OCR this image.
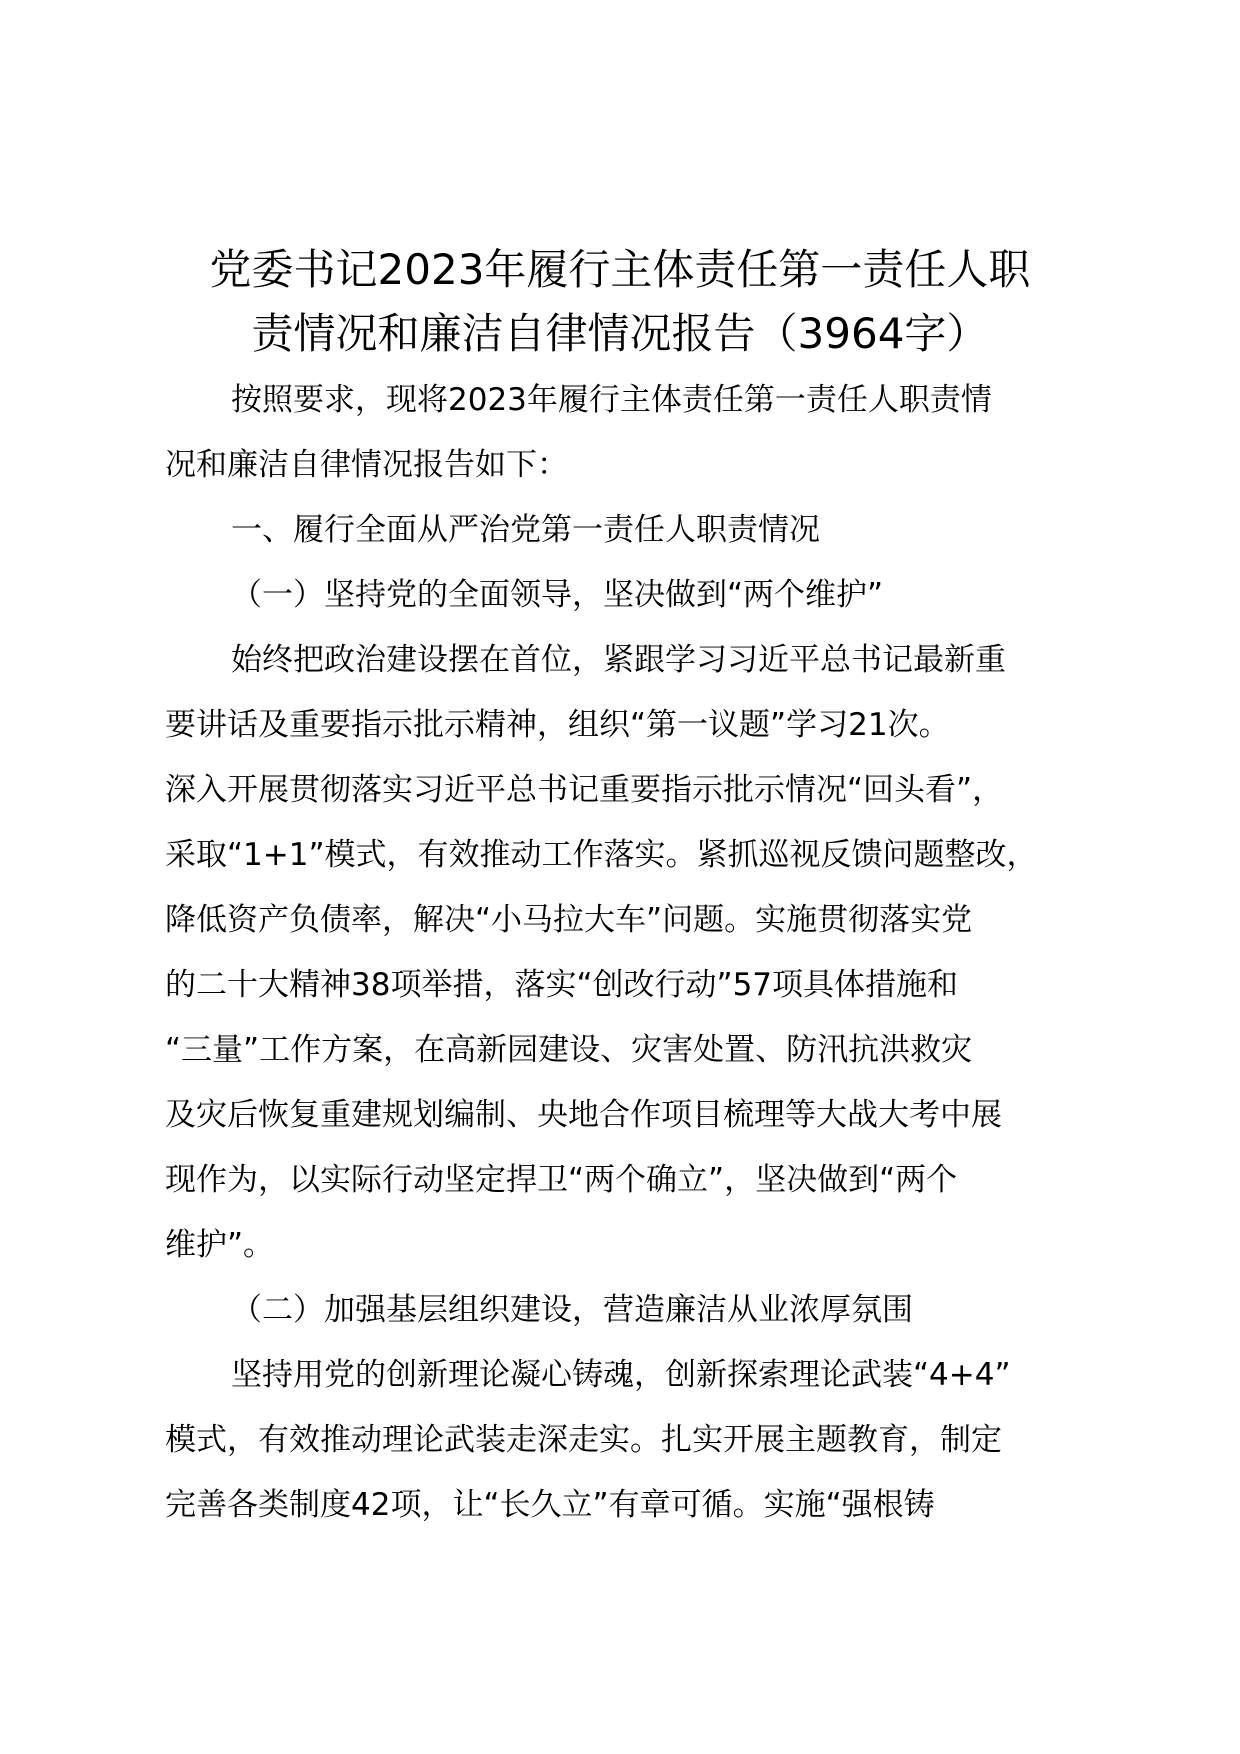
党委书记2023年履行主体责任第一责任人职
责情况和廉洁自律情况报告（3964字）
按照要求，现将2023年履行主体责任第一责任人职责情
况和廉洁自律情况报告如下：
一、履行全面从严治党第一责任人职责情况
（一）坚持党的全面领导，坚决做到“两个维护”
始终把政治建设摆在首位，紧跟学习习近平总书记最新重
要讲话及重要指示批示精神，组织“第一议题”学习21次。
深入开展贯彻落实习近平总书记重要指示批示情况“回头看”，
采取“1+1”模式，有效推动工作落实。紧抓巡视反馈问题整改，
降低资产负债率，解决“小马拉大车”问题。实施贯彻落实党
的二十大精神38项举措，落实“创改行动”57项具体措施和
“三量”工作方案，在高新园建设、灾害处置、防汛抗洪救灾
及灾后恢复重建规划编制、央地合作项目梳理等大战大考中展
现作为，以实际行动坚定捍卫“两个确立”，坚决做到“两个
维护”。
（二）加强基层组织建设，营造廉洁从业浓厚氛围
坚持用党的创新理论凝心铸魂，创新探索理论武装“4+4”
模式，有效推动理论武装走深走实。扎实开展主题教育，制定
完善各类制度42项，让“长久立”有章可循。实施“强根铸
